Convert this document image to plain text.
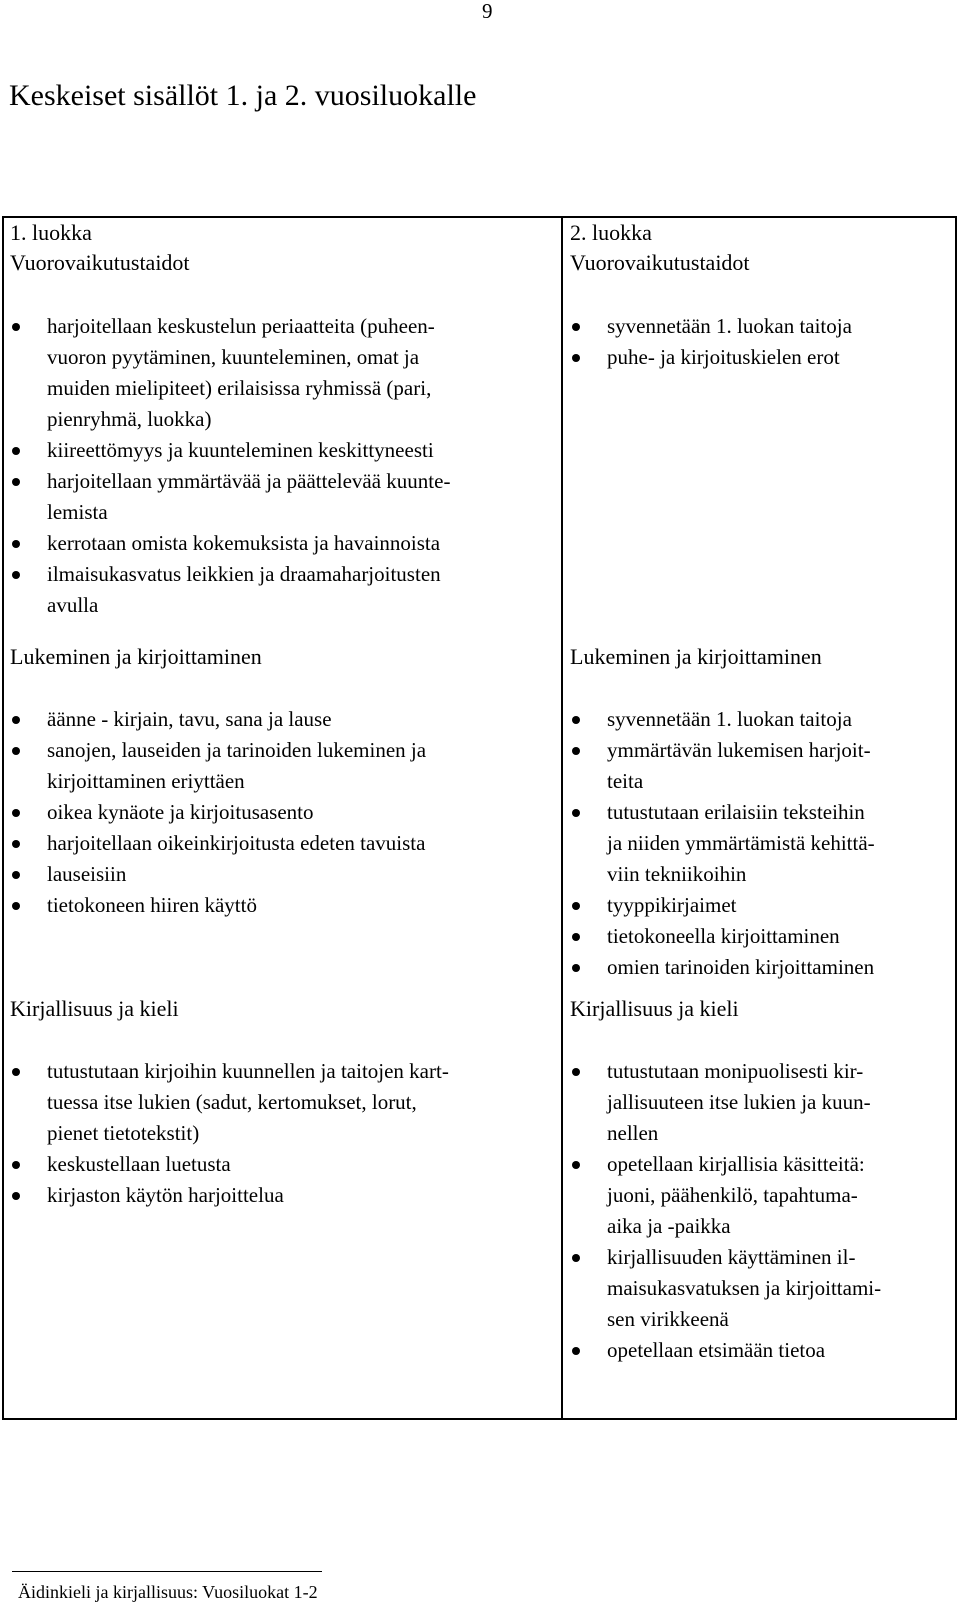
9
Keskeiset sisällöt 1. ja 2. vuosiluokalle
1. luokka
Vuorovaikutustaidot
harjoitellaan keskustelun periaatteita (puheen-
vuoron pyytäminen, kuunteleminen, omat ja
muiden mielipiteet) erilaisissa ryhmissä (pari,
pienryhmä, luokka)
kiireettömyys ja kuunteleminen keskittyneesti
harjoitellaan ymmärtävää ja päättelevää kuunte-
lemista
kerrotaan omista kokemuksista ja havainnoista
ilmaisukasvatus leikkien ja draamaharjoitusten
avulla
Lukeminen ja kirjoittaminen
äänne - kirjain, tavu, sana ja lause
sanojen, lauseiden ja tarinoiden lukeminen ja
kirjoittaminen eriyttäen
oikea kynäote ja kirjoitusasento
harjoitellaan oikeinkirjoitusta edeten tavuista
lauseisiin
tietokoneen hiiren käyttö
Kirjallisuus ja kieli
tutustutaan kirjoihin kuunnellen ja taitojen kart-
tuessa itse lukien (sadut, kertomukset, lorut,
pienet tietotekstit)
keskustellaan luetusta
kirjaston käytön harjoittelua
2. luokka
Vuorovaikutustaidot
syvennetään 1. luokan taitoja
puhe- ja kirjoituskielen erot
Lukeminen ja kirjoittaminen
syvennetään 1. luokan taitoja
ymmärtävän lukemisen harjoit-
teita
tutustutaan erilaisiin teksteihin
ja niiden ymmärtämistä kehittä-
viin tekniikoihin
tyyppikirjaimet
tietokoneella kirjoittaminen
omien tarinoiden kirjoittaminen
Kirjallisuus ja kieli
tutustutaan monipuolisesti kir-
jallisuuteen itse lukien ja kuun-
nellen
opetellaan kirjallisia käsitteitä:
juoni, päähenkilö, tapahtuma-
aika ja -paikka
kirjallisuuden käyttäminen il-
maisukasvatuksen ja kirjoittami-
sen virikkeenä
opetellaan etsimään tietoa
Äidinkieli ja kirjallisuus: Vuosiluokat 1-2
